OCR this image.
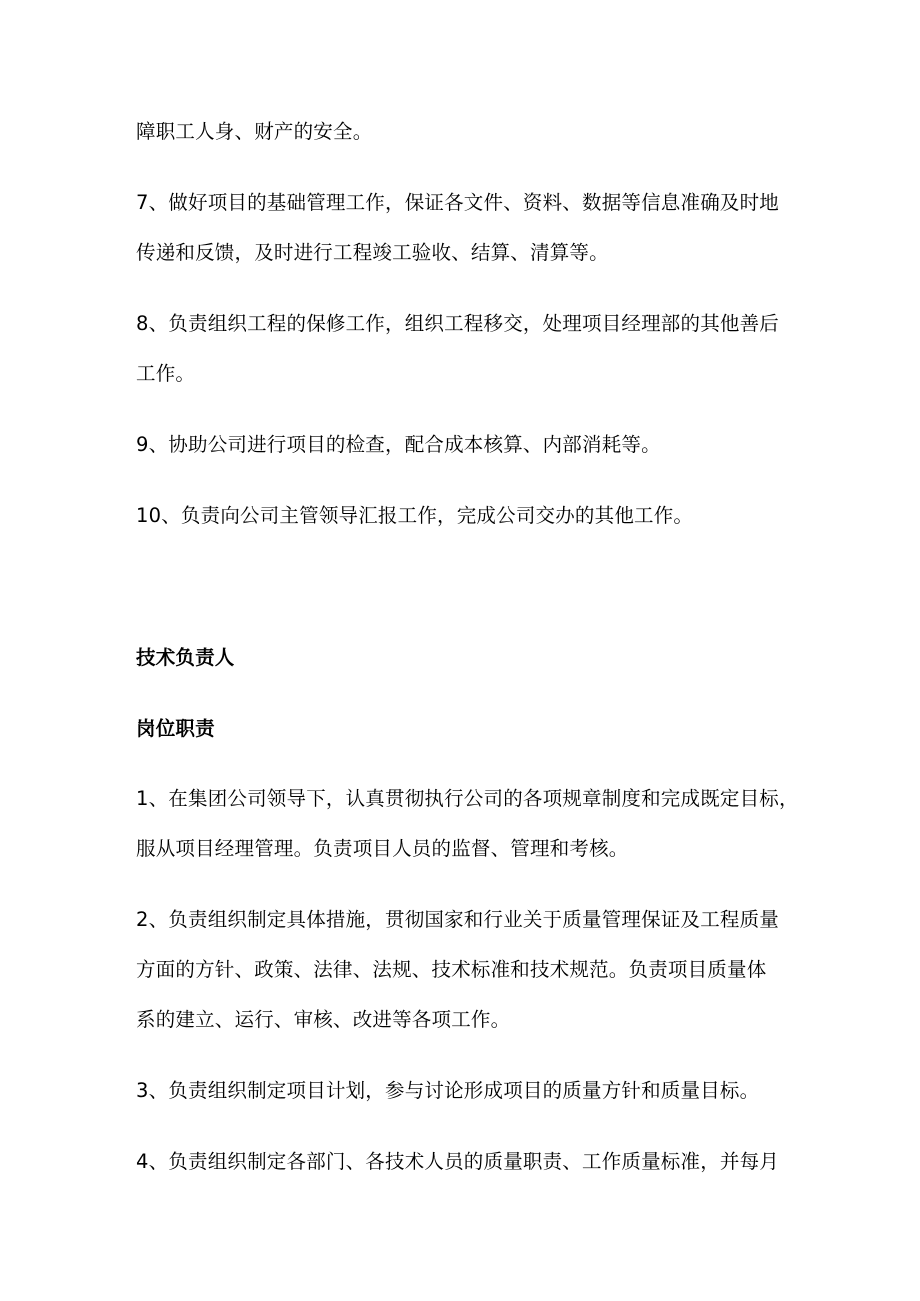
障职工人身、财产的安全。
7、做好项目的基础管理工作，保证各文件、资料、数据等信息准确及时地
传递和反馈，及时进行工程竣工验收、结算、清算等。
8、负责组织工程的保修工作，组织工程移交，处理项目经理部的其他善后
工作。
9、协助公司进行项目的检查，配合成本核算、内部消耗等。
10、负责向公司主管领导汇报工作，完成公司交办的其他工作。
技术负责人
岗位职责
1、在集团公司领导下，认真贯彻执行公司的各项规章制度和完成既定目标，
服从项目经理管理。负责项目人员的监督、管理和考核。
2、负责组织制定具体措施，贯彻国家和行业关于质量管理保证及工程质量
方面的方针、政策、法律、法规、技术标准和技术规范。负责项目质量体
系的建立、运行、审核、改进等各项工作。
3、负责组织制定项目计划，参与讨论形成项目的质量方针和质量目标。
4、负责组织制定各部门、各技术人员的质量职责、工作质量标准，并每月
